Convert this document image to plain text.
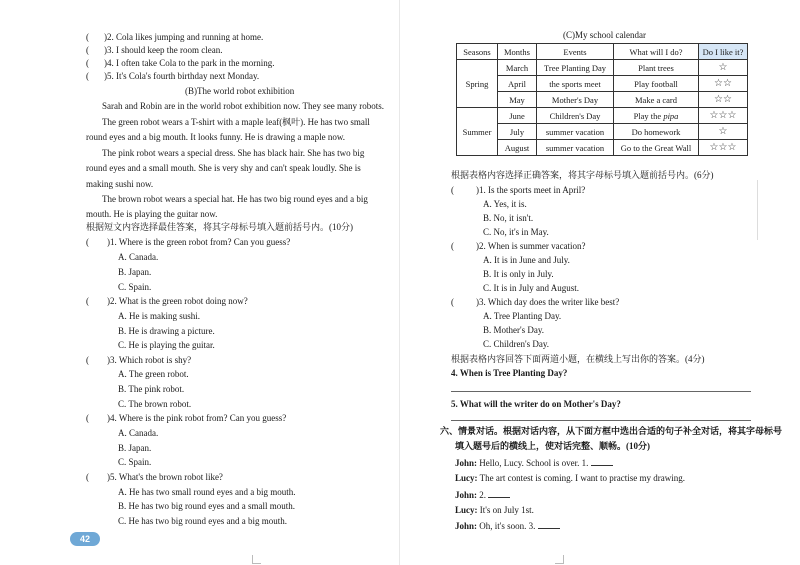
( )2. Cola likes jumping and running at home.
( )3. I should keep the room clean.
( )4. I often take Cola to the park in the morning.
( )5. It's Cola's fourth birthday next Monday.
(B)The world robot exhibition
Sarah and Robin are in the world robot exhibition now. They see many robots.
The green robot wears a T-shirt with a maple leaf(枫叶). He has two small
round eyes and a big mouth. It looks funny. He is drawing a maple now.
The pink robot wears a special dress. She has black hair. She has two big
round eyes and a small mouth. She is very shy and can't speak loudly. She is
making sushi now.
The brown robot wears a special hat. He has two big round eyes and a big
mouth. He is playing the guitar now.
根据短文内容选择最佳答案，将其字母标号填入题前括号内。(10分)
( )1. Where is the green robot from? Can you guess?
A. Canada.
B. Japan.
C. Spain.
( )2. What is the green robot doing now?
A. He is making sushi.
B. He is drawing a picture.
C. He is playing the guitar.
( )3. Which robot is shy?
A. The green robot.
B. The pink robot.
C. The brown robot.
( )4. Where is the pink robot from? Can you guess?
A. Canada.
B. Japan.
C. Spain.
( )5. What's the brown robot like?
A. He has two small round eyes and a big mouth.
B. He has two big round eyes and a small mouth.
C. He has two big round eyes and a big mouth.
42
(C)My school calendar
Seasons	Months	Events	What will I do?	Do I like it?
Spring	March	Tree Planting Day	Plant trees	☆
	April	the sports meet	Play football	☆☆
	May	Mother's Day	Make a card	☆☆
Summer	June	Children's Day	Play the pipa	☆☆☆
	July	summer vacation	Do homework	☆
	August	summer vacation	Go to the Great Wall	☆☆☆
根据表格内容选择正确答案，将其字母标号填入题前括号内。(6分)
( )1. Is the sports meet in April?
A. Yes, it is.
B. No, it isn't.
C. No, it's in May.
( )2. When is summer vacation?
A. It is in June and July.
B. It is only in July.
C. It is in July and August.
( )3. Which day does the writer like best?
A. Tree Planting Day.
B. Mother's Day.
C. Children's Day.
根据表格内容回答下面两道小题，在横线上写出你的答案。(4分)
4. When is Tree Planting Day?
5. What will the writer do on Mother's Day?
六、情景对话。根据对话内容，从下面方框中选出合适的句子补全对话，将其字母标号
填入题号后的横线上，使对话完整、顺畅。(10分)
John: Hello, Lucy. School is over. 1.
Lucy: The art contest is coming. I want to practise my drawing.
John: 2.
Lucy: It's on July 1st.
John: Oh, it's soon. 3.
